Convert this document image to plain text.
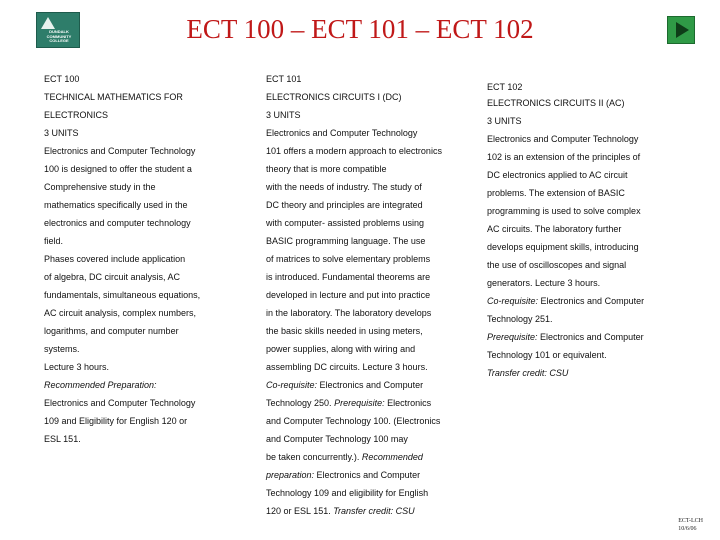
DUNDALK COMMUNITY COLLEGE	ECT 100 – ECT 101 – ECT 102

ECT 100

TECHNICAL MATHEMATICS FOR

ELECTRONICS

3 UNITS

Electronics and Computer Technology

100 is designed to offer the student a

Comprehensive study in the

mathematics specifically used in the

electronics and computer technology

field.

Phases covered include application

of algebra, DC circuit analysis, AC

fundamentals, simultaneous equations,

AC circuit analysis, complex numbers,

logarithms, and computer number

systems.

Lecture 3 hours.

Recommended Preparation:

Electronics and Computer Technology

109 and Eligibility for English 120 or

ESL 151.

ECT 101

ELECTRONICS CIRCUITS I (DC)

3 UNITS

Electronics and Computer Technology

101 offers a modern approach to electronics

theory that is more compatible

with the needs of industry. The study of

DC theory and principles are integrated

with computer- assisted problems using

BASIC programming language. The use

of matrices to solve elementary problems

is introduced. Fundamental theorems are

developed in lecture and put into practice

in the laboratory. The laboratory develops

the basic skills needed in using meters,

power supplies, along with wiring and

assembling DC circuits. Lecture 3 hours.

Co-requisite: Electronics and Computer

Technology 250. Prerequisite: Electronics

and Computer Technology 100. (Electronics

and Computer Technology 100 may

be taken concurrently.). Recommended

preparation: Electronics and Computer

Technology 109 and eligibility for English

120 or ESL 151. Transfer credit: CSU

ECT 102

ELECTRONICS CIRCUITS II (AC)

3 UNITS

Electronics and Computer Technology

102 is an extension of the principles of

DC electronics applied to AC circuit

problems. The extension of BASIC

programming is used to solve complex

AC circuits. The laboratory further

develops equipment skills, introducing

the use of oscilloscopes and signal

generators. Lecture 3 hours.

Co-requisite: Electronics and Computer

Technology 251.

Prerequisite: Electronics and Computer

Technology 101 or equivalent.

Transfer credit: CSU

ECT-LCH
10/6/06
